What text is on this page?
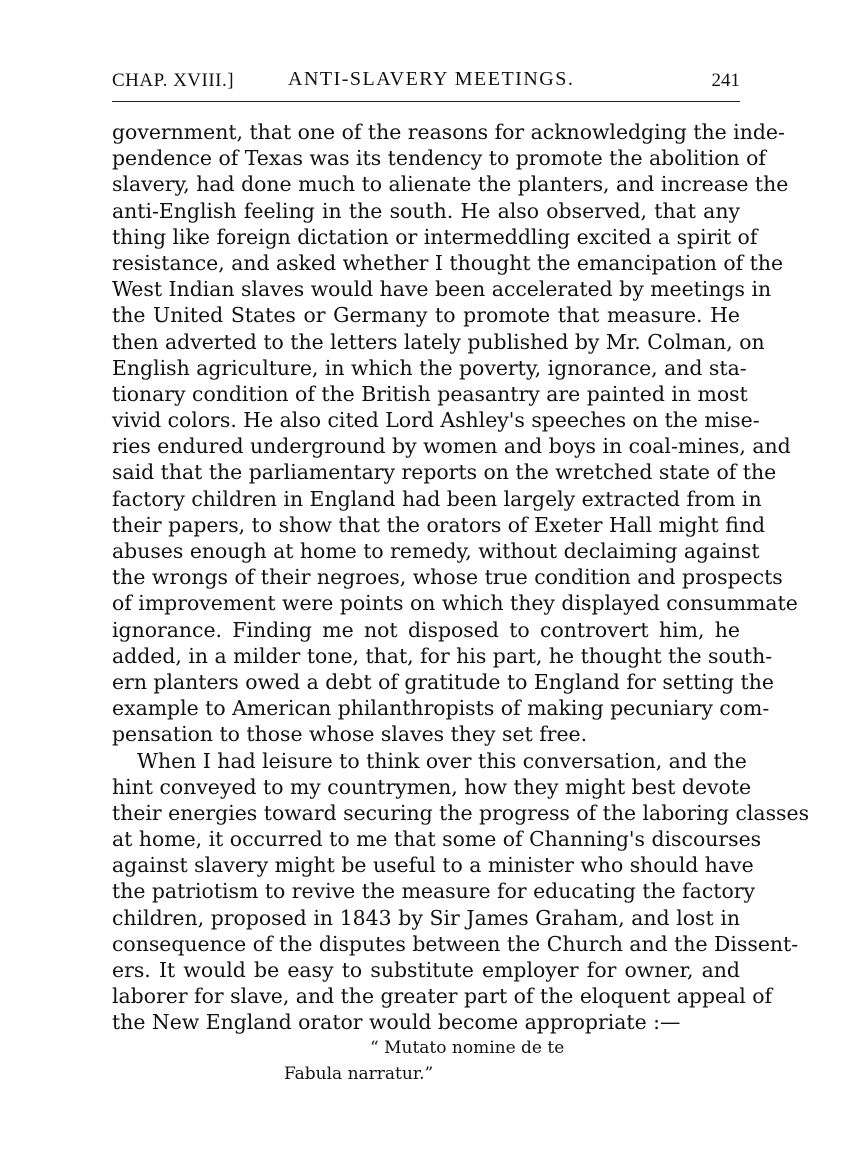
CHAP. XVIII.]	ANTI-SLAVERY MEETINGS.	241
government, that one of the reasons for acknowledging the inde-
pendence of Texas was its tendency to promote the abolition of
slavery, had done much to alienate the planters, and increase the
anti-English feeling in the south. He also observed, that any
thing like foreign dictation or intermeddling excited a spirit of
resistance, and asked whether I thought the emancipation of the
West Indian slaves would have been accelerated by meetings in
the United States or Germany to promote that measure. He
then adverted to the letters lately published by Mr. Colman, on
English agriculture, in which the poverty, ignorance, and sta-
tionary condition of the British peasantry are painted in most
vivid colors. He also cited Lord Ashley's speeches on the mise-
ries endured underground by women and boys in coal-mines, and
said that the parliamentary reports on the wretched state of the
factory children in England had been largely extracted from in
their papers, to show that the orators of Exeter Hall might find
abuses enough at home to remedy, without declaiming against
the wrongs of their negroes, whose true condition and prospects
of improvement were points on which they displayed consummate
ignorance. Finding me not disposed to controvert him, he
added, in a milder tone, that, for his part, he thought the south-
ern planters owed a debt of gratitude to England for setting the
example to American philanthropists of making pecuniary com-
pensation to those whose slaves they set free.
When I had leisure to think over this conversation, and the
hint conveyed to my countrymen, how they might best devote
their energies toward securing the progress of the laboring classes
at home, it occurred to me that some of Channing's discourses
against slavery might be useful to a minister who should have
the patriotism to revive the measure for educating the factory
children, proposed in 1843 by Sir James Graham, and lost in
consequence of the disputes between the Church and the Dissent-
ers. It would be easy to substitute employer for owner, and
laborer for slave, and the greater part of the eloquent appeal of
the New England orator would become appropriate :—
“ Mutato nomine de te
Fabula narratur.”
